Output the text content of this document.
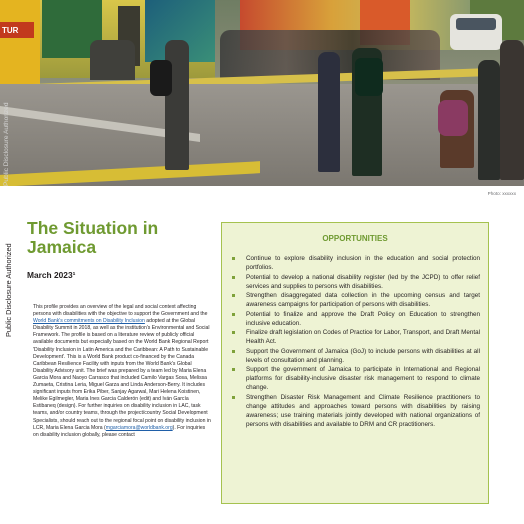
TUR
Public Disclosure Authorized
Photo: xxxxxx
Public Disclosure Authorized
The Situation in Jamaica
March 2023¹

This profile provides an overview of the legal and social context affecting persons with disabilities with the objective to support the Government and the World Bank's commitments on Disability Inclusion adopted at the Global Disability Summit in 2018, as well as the institution's Environmental and Social Framework. The profile is based on a literature review of publicly official available documents but especially based on the World Bank Regional Report 'Disability Inclusion in Latin America and the Caribbean: A Path to Sustainable Development'. This is a World Bank product co-financed by the Canada Caribbean Resilience Facility with inputs from the World Bank's Global Disability Advisory unit. The brief was prepared by a team led by Maria Elena Garcia Mora and Naoyo Carrasco that included Camilo Vargas Sosa, Melissa Zumaeta, Cristina Leria, Miguel Garza and Linda Anderson-Berry. It includes significant inputs from Erika Piber, Sanjay Agarwal, Mari Helena Koistinen, Melike Egilmegler, Maria Ines Garcia Calderón (edit) and Iván García Estibaneq (design). For further inquiries on disability inclusion in LAC, task teams, and/or country teams, through the project/country Social Development Specialists, should reach out to the regional focal point on disability inclusion in LCR, Maria Elena Garcia Mora (mgarciamora@worldbank.org). For inquiries on disability inclusion globally, please contact

OPPORTUNITIES
Continue to explore disability inclusion in the education and social protection portfolios.
Potential to develop a national disability register (led by the JCPD) to offer relief services and supplies to persons with disabilities.
Strengthen disaggregated data collection in the upcoming census and target awareness campaigns for participation of persons with disabilities.
Potential to finalize and approve the Draft Policy on Education to strengthen inclusive education.
Finalize draft legislation on Codes of Practice for Labor, Transport, and Draft Mental Health Act.
Support the Government of Jamaica (GoJ) to include persons with disabilities at all levels of consultation and planning.
Support the government of Jamaica to participate in International and Regional platforms for disability-inclusive disaster risk management to respond to climate change.
Strengthen Disaster Risk Management and Climate Resilience practitioners to change attitudes and approaches toward persons with disabilities by raising awareness; use training materials jointly developed with national organizations of persons with disabilities and available to DRM and CR practitioners.
